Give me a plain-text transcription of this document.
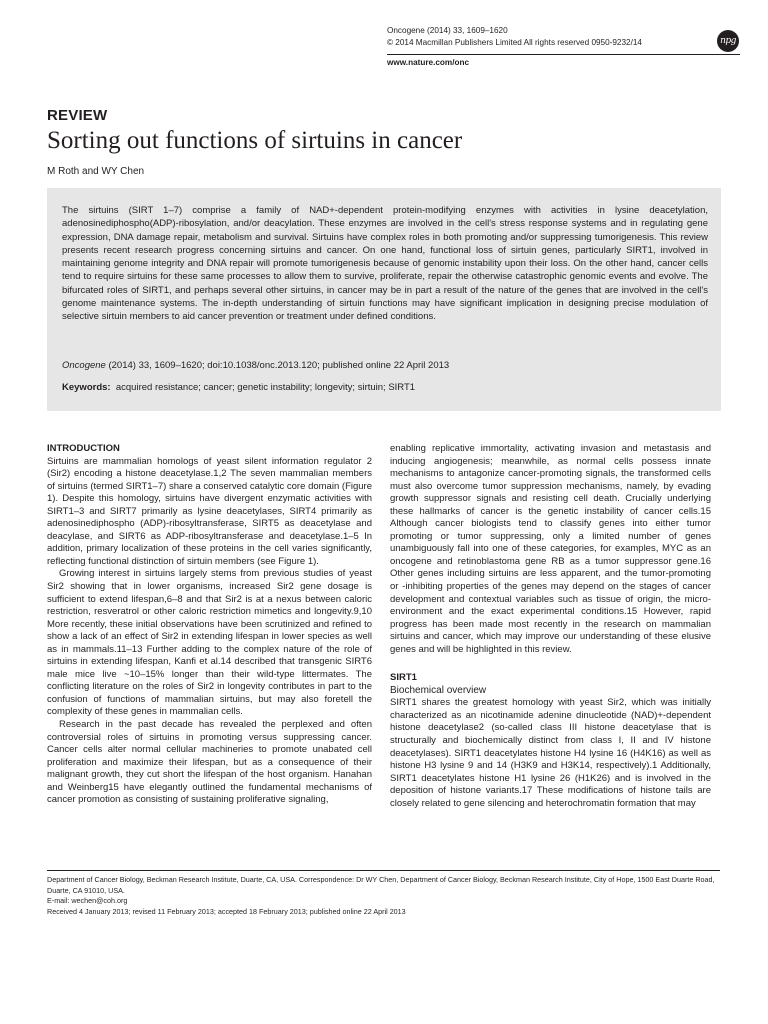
Oncogene (2014) 33, 1609–1620
© 2014 Macmillan Publishers Limited All rights reserved 0950-9232/14	npg
www.nature.com/onc
REVIEW
Sorting out functions of sirtuins in cancer
M Roth and WY Chen
The sirtuins (SIRT 1–7) comprise a family of NAD+-dependent protein-modifying enzymes with activities in lysine deacetylation, adenosinediphospho(ADP)-ribosylation, and/or deacylation. These enzymes are involved in the cell's stress response systems and in regulating gene expression, DNA damage repair, metabolism and survival. Sirtuins have complex roles in both promoting and/or suppressing tumorigenesis. This review presents recent research progress concerning sirtuins and cancer. On one hand, functional loss of sirtuin genes, particularly SIRT1, involved in maintaining genome integrity and DNA repair will promote tumorigenesis because of genomic instability upon their loss. On the other hand, cancer cells tend to require sirtuins for these same processes to allow them to survive, proliferate, repair the otherwise catastrophic genomic events and evolve. The bifurcated roles of SIRT1, and perhaps several other sirtuins, in cancer may be in part a result of the nature of the genes that are involved in the cell's genome maintenance systems. The in-depth understanding of sirtuin functions may have significant implication in designing precise modulation of selective sirtuin members to aid cancer prevention or treatment under defined conditions.
Oncogene (2014) 33, 1609–1620; doi:10.1038/onc.2013.120; published online 22 April 2013
Keywords: acquired resistance; cancer; genetic instability; longevity; sirtuin; SIRT1

INTRODUCTION

Sirtuins are mammalian homologs of yeast silent information regulator 2 (Sir2) encoding a histone deacetylase.1,2 The seven mammalian members of sirtuins (termed SIRT1–7) share a conserved catalytic core domain (Figure 1). Despite this homology, sirtuins have divergent enzymatic activities with SIRT1–3 and SIRT7 primarily as lysine deacetylases, SIRT4 primarily as adenosinediphospho (ADP)-ribosyltransferase, SIRT5 as deacetylase and deacylase, and SIRT6 as ADP-ribosyltransferase and deacetylase.1–5 In addition, primary localization of these proteins in the cell varies significantly, reflecting functional distinction of sirtuin members (see Figure 1).

Growing interest in sirtuins largely stems from previous studies of yeast Sir2 showing that in lower organisms, increased Sir2 gene dosage is sufficient to extend lifespan,6–8 and that Sir2 is at a nexus between caloric restriction, resveratrol or other caloric restriction mimetics and longevity.9,10 More recently, these initial observations have been scrutinized and refined to show a lack of an effect of Sir2 in extending lifespan in lower species as well as in mammals.11–13 Further adding to the complex nature of the role of sirtuins in extending lifespan, Kanfi et al.14 described that transgenic SIRT6 male mice live ~10–15% longer than their wild-type littermates. The conflicting literature on the roles of Sir2 in longevity contributes in part to the confusion of functions of mammalian sirtuins, but may also foretell the complexity of these genes in mammalian cells.

Research in the past decade has revealed the perplexed and often controversial roles of sirtuins in promoting versus suppressing cancer. Cancer cells alter normal cellular machineries to promote unabated cell proliferation and maximize their lifespan, but as a consequence of their malignant growth, they cut short the lifespan of the host organism. Hanahan and Weinberg15 have elegantly outlined the fundamental mechanisms of cancer promotion as consisting of sustaining proliferative signaling,

enabling replicative immortality, activating invasion and metastasis and inducing angiogenesis; meanwhile, as normal cells possess innate mechanisms to antagonize cancer-promoting signals, the transformed cells must also overcome tumor suppression mechanisms, namely, by evading growth suppressor signals and resisting cell death. Crucially underlying these hallmarks of cancer is the genetic instability of cancer cells.15 Although cancer biologists tend to classify genes into either tumor promoting or tumor suppressing, only a limited number of genes unambiguously fall into one of these categories, for examples, MYC as an oncogene and retinoblastoma gene RB as a tumor suppressor gene.16 Other genes including sirtuins are less apparent, and the tumor-promoting or -inhibiting properties of the genes may depend on the stages of cancer development and contextual variables such as tissue of origin, the microenvironment and the exact experimental conditions.15 However, rapid progress has been made most recently in the research on mammalian sirtuins and cancer, which may improve our understanding of these elusive genes and will be highlighted in this review.

SIRT1

Biochemical overview

SIRT1 shares the greatest homology with yeast Sir2, which was initially characterized as an nicotinamide adenine dinucleotide (NAD)+-dependent histone deacetylase2 (so-called class III histone deacetylase that is structurally and biochemically distinct from class I, II and IV histone deacetylases). SIRT1 deacetylates histone H4 lysine 16 (H4K16) as well as histone H3 lysine 9 and 14 (H3K9 and H3K14, respectively).1 Additionally, SIRT1 deacetylates histone H1 lysine 26 (H1K26) and is involved in the deposition of histone variants.17 These modifications of histone tails are closely related to gene silencing and heterochromatin formation that may

Department of Cancer Biology, Beckman Research Institute, Duarte, CA, USA. Correspondence: Dr WY Chen, Department of Cancer Biology, Beckman Research Institute, City of Hope, 1500 East Duarte Road, Duarte, CA 91010, USA.
E-mail: wechen@coh.org
Received 4 January 2013; revised 11 February 2013; accepted 18 February 2013; published online 22 April 2013
